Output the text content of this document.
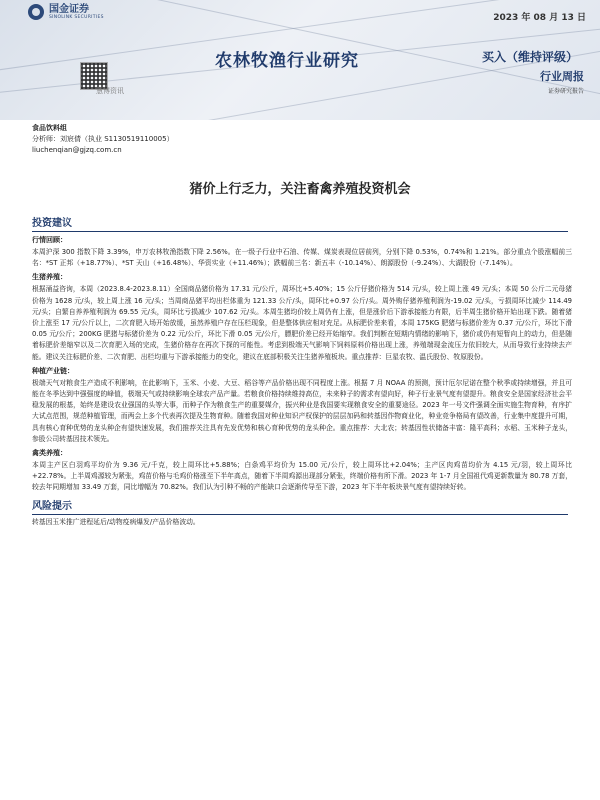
国金证券
SINOLINK SECURITIES	2023 年 08 月 13 日
慧博资讯
农林牧渔行业研究	买入（维持评级）
行业周报
证券研究报告
食品饮料组
分析师：刘宸倩（执业 S1130519110005）
liuchenqian@gjzq.com.cn
猪价上行乏力，关注畜禽养殖投资机会
投资建议
行情回顾：

本周沪深 300 指数下降 3.39%，申万农林牧渔指数下降 2.56%。在一级子行业中石油、传媒、煤炭表现位居前列，分别下降 0.53%，0.74%和 1.21%。部分重点个股涨幅前三名：*ST 正邦（+18.77%）、*ST 天山（+16.48%）、华资实业（+11.46%）；跌幅前三名：新五丰（-10.14%）、朗源股份（-9.24%）、大湖股份（-7.14%）。

生猪养殖：

根据涌益咨询，本周（2023.8.4-2023.8.11）全国商品猪价格为 17.31 元/公斤，周环比+5.40%；15 公斤仔猪价格为 514 元/头，较上周上涨 49 元/头；本周 50 公斤二元母猪价格为 1628 元/头，较上周上涨 16 元/头；当周商品猪平均出栏体重为 121.33 公斤/头，周环比+0.97 公斤/头。周外购仔猪养殖利润为-19.02 元/头，亏损周环比减少 114.49 元/头；自繁自养养殖利润为 69.55 元/头，周环比亏损减少 107.62 元/头。本周生猪均价较上周仍有上涨，但是涨价后下游承接能力有限，后半周生猪价格开始出现下跌。随着猪价上涨至 17 元/公斤以上，二次育肥入场开始放缓，虽然养殖户存在压栏现象，但是整体供应相对充足。从标肥价差来看，本周 175KG 肥猪与标猪价差为 0.37 元/公斤，环比下滑 0.05 元/公斤；200KG 肥猪与标猪价差为 0.22 元/公斤，环比下滑 0.05 元/公斤，膘肥价差已经开始缩窄。我们判断在短期内情绪的影响下，猪价或仍有短暂向上的动力，但是随着标肥价差缩窄以及二次育肥入场的完成，生猪价格存在再次下探的可能性。考虑到极端天气影响下饲料原料价格出现上涨，养殖端现金流压力依旧较大，从而导致行业持续去产能。建议关注标肥价差、二次育肥、出栏均重与下游承接能力的变化，建议在底部积极关注生猪养殖板块。重点推荐：巨星农牧、温氏股份、牧原股份。

种植产业链：

极端天气对粮食生产造成不利影响，在此影响下，玉米、小麦、大豆、稻谷等产品价格出现不同程度上涨。根据 7 月 NOAA 的预测，预计厄尔尼诺在整个秋季或持续增强，并且可能在冬季达到中强强度的峰值，极端天气或持续影响全球农产品产量。若粮食价格持续维持高位，未来种子的需求有望向好，种子行业景气度有望提升。粮食安全是国家经济社会平稳发展的根基，始终是建设农业强国的头等大事，而种子作为粮食生产的重要媒介，振兴种业是我国要实现粮食安全的重要途径。2023 年一号文件强调全面实施生物育种，有序扩大试点范围，规范种植管理，而两会上多个代表再次提及生物育种。随着我国对种业知识产权保护的层层加码和转基因作物商业化，种业竞争格局有望改善，行业集中度提升可期，具有核心育种优势的龙头种企有望快速发展，我们推荐关注具有先发优势和核心育种优势的龙头种企。重点推荐：大北农；转基因性状储备丰富：隆平高科；水稻、玉米种子龙头，参股公司转基因技术领先。

禽类养殖：

本周主产区白羽鸡平均价为 9.36 元/千克，较上周环比+5.88%；白条鸡平均价为 15.00 元/公斤，较上周环比+2.04%；主产区肉鸡苗均价为 4.15 元/羽，较上周环比+22.78%。上半周鸡源较为紧张，鸡苗价格与毛鸡价格涨至下半年高点，随着下半周鸡源出现部分紧张，终端价格有所下滑。2023 年 1-7 月全国祖代鸡更新数量为 80.78 万套，较去年同期增加 33.49 万套，同比增幅为 70.82%。我们认为引种不畅的产能缺口会逐渐传导至下游，2023 年下半年板块景气度有望持续好转。

风险提示

转基因玉米推广进程延后/动物疫病爆发/产品价格波动。
